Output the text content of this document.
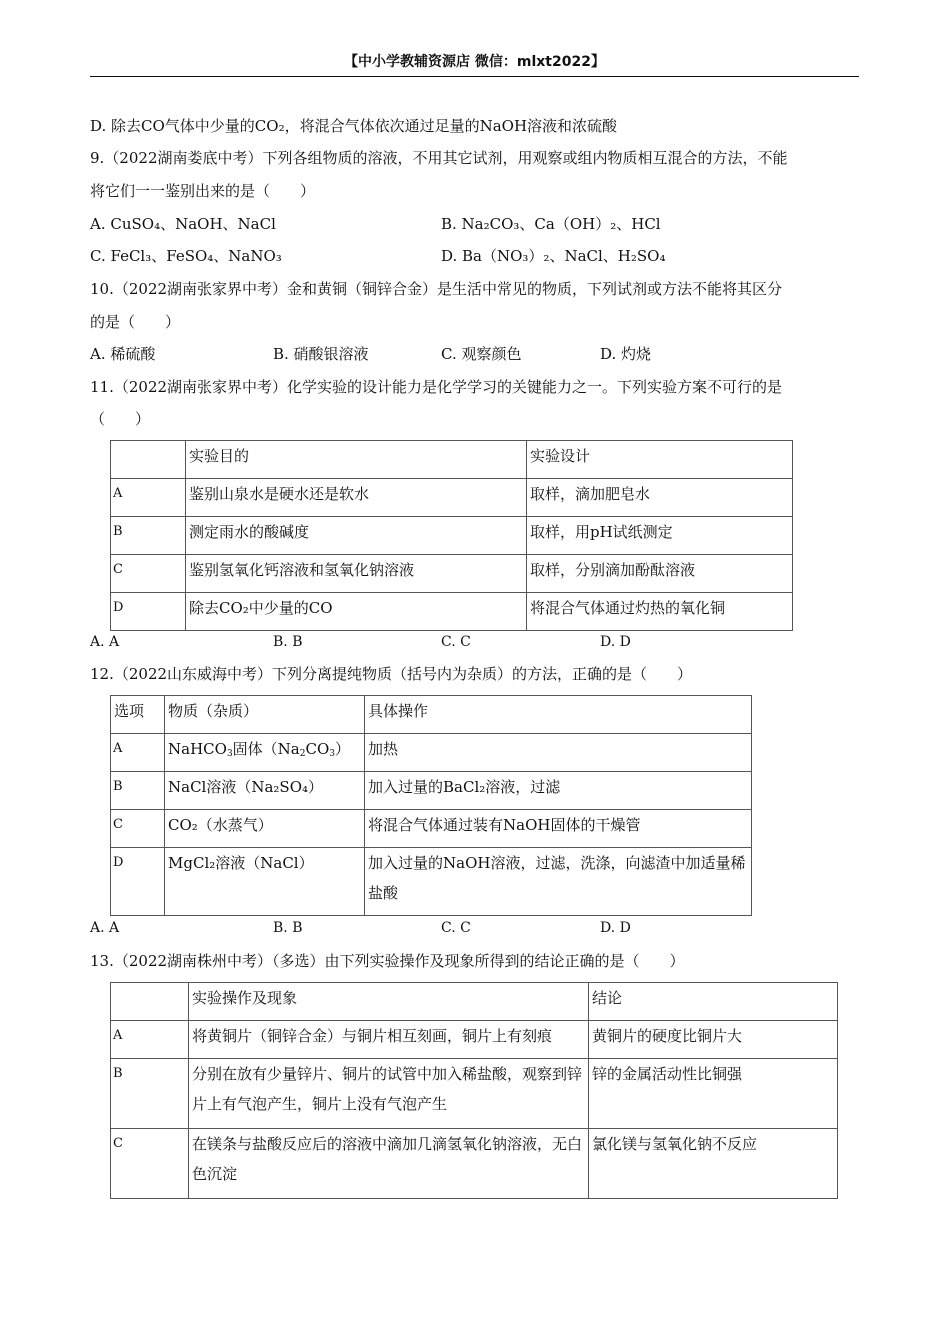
【中小学教辅资源店 微信：mlxt2022】
D. 除去CO气体中少量的CO₂，将混合气体依次通过足量的NaOH溶液和浓硫酸
9.（2022湖南娄底中考）下列各组物质的溶液，不用其它试剂，用观察或组内物质相互混合的方法，不能
将它们一一鉴别出来的是（　　）
A. CuSO₄、NaOH、NaCl	B. Na₂CO₃、Ca（OH）₂、HCl
C. FeCl₃、FeSO₄、NaNO₃	D. Ba（NO₃）₂、NaCl、H₂SO₄
10.（2022湖南张家界中考）金和黄铜（铜锌合金）是生活中常见的物质，下列试剂或方法不能将其区分
的是（　　）
A. 稀硫酸	B. 硝酸银溶液	C. 观察颜色	D. 灼烧
11.（2022湖南张家界中考）化学实验的设计能力是化学学习的关键能力之一。下列实验方案不可行的是
（　　）
	实验目的	实验设计
A	鉴别山泉水是硬水还是软水	取样，滴加肥皂水
B	测定雨水的酸碱度	取样，用pH试纸测定
C	鉴别氢氧化钙溶液和氢氧化钠溶液	取样，分别滴加酚酞溶液
D	除去CO₂中少量的CO	将混合气体通过灼热的氧化铜
A. A	B. B	C. C	D. D
12.（2022山东威海中考）下列分离提纯物质（括号内为杂质）的方法，正确的是（　　）
选项	物质（杂质）	具体操作
A	NaHCO$_3$固体$(Na_2CO_3)$	加热
B	NaCl溶液（Na₂SO₄）	加入过量的BaCl₂溶液，过滤
C	CO₂（水蒸气）	将混合气体通过装有NaOH固体的干燥管
D	MgCl₂溶液（NaCl）	加入过量的NaOH溶液，过滤，洗涤，向滤渣中加适量稀盐酸
A. A	B. B	C. C	D. D
13.（2022湖南株州中考）（多选）由下列实验操作及现象所得到的结论正确的是（　　）
	实验操作及现象	结论
A	将黄铜片（铜锌合金）与铜片相互刻画，铜片上有刻痕	黄铜片的硬度比铜片大
B	分别在放有少量锌片、铜片的试管中加入稀盐酸，观察到锌片上有气泡产生，铜片上没有气泡产生	锌的金属活动性比铜强
C	在镁条与盐酸反应后的溶液中滴加几滴氢氧化钠溶液，无白色沉淀	氯化镁与氢氧化钠不反应
